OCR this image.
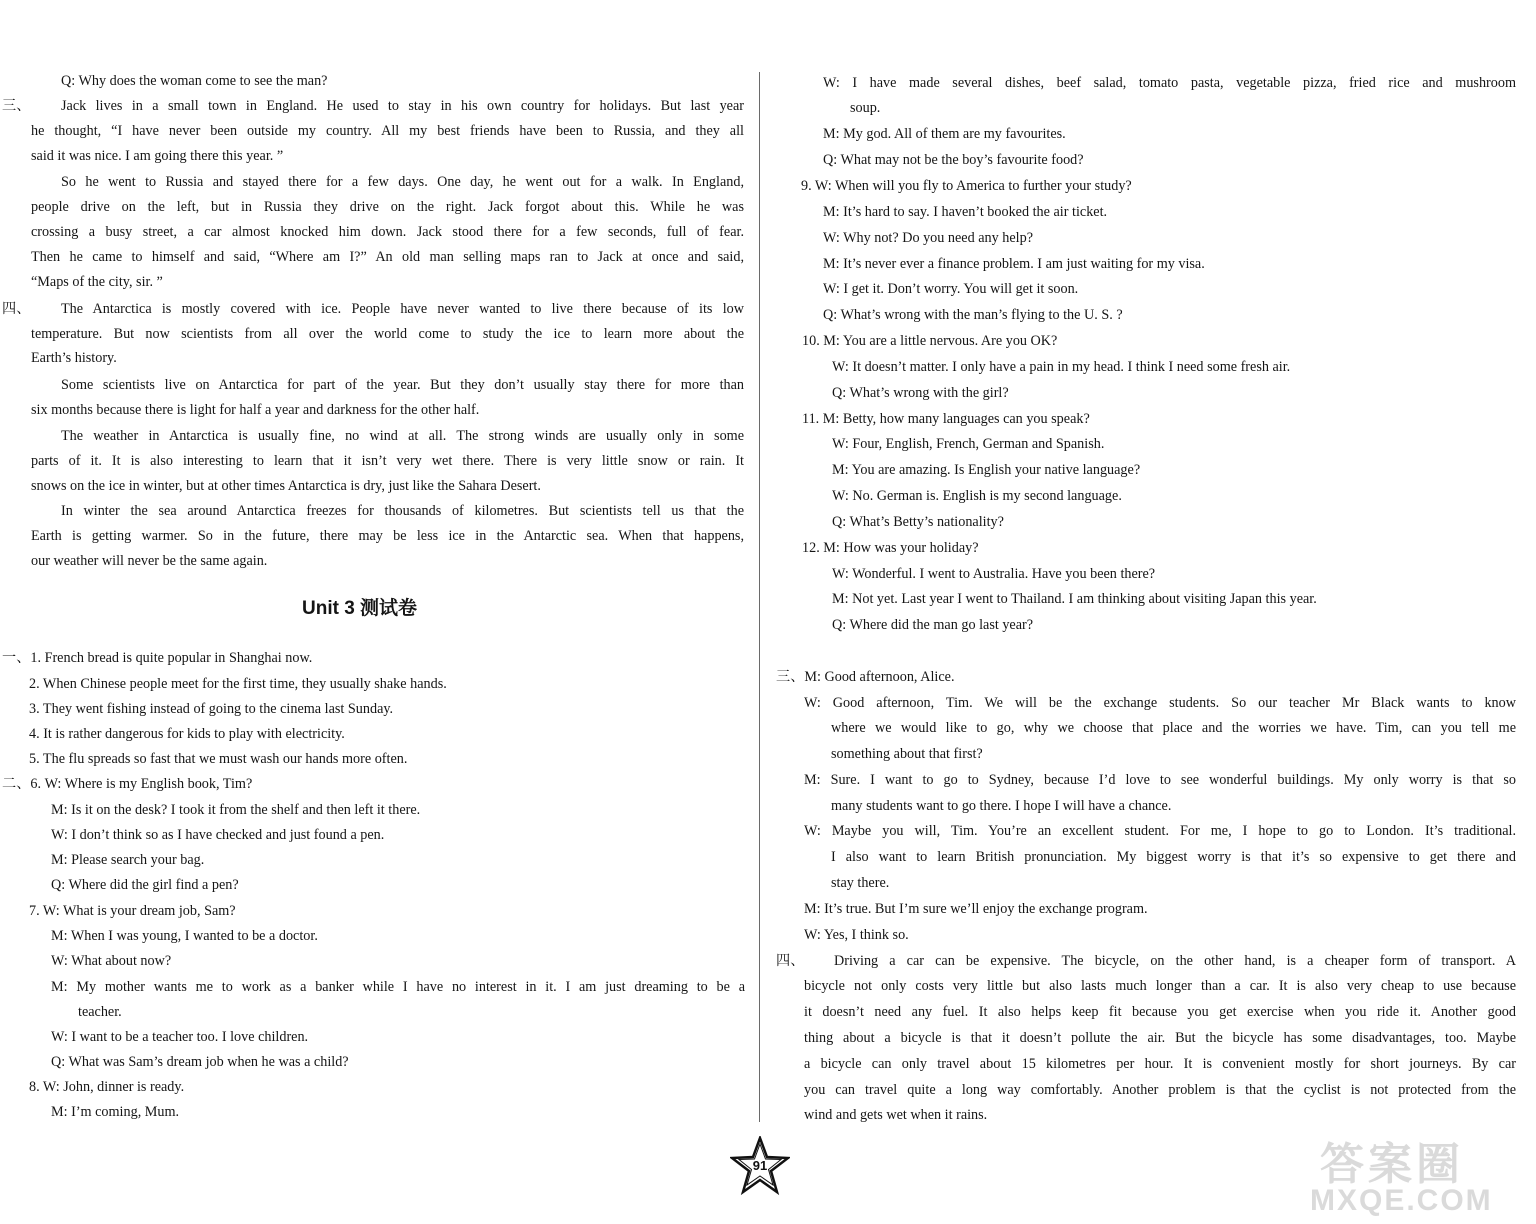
Q: Why does the woman come to see the man?
三、 Jack lives in a small town in England. He used to stay in his own country for holidays. But last year
he thought, “I have never been outside my country. All my best friends have been to Russia, and they all
said it was nice. I am going there this year. ”
So he went to Russia and stayed there for a few days. One day, he went out for a walk. In England,
people drive on the left, but in Russia they drive on the right. Jack forgot about this. While he was
crossing a busy street, a car almost knocked him down. Jack stood there for a few seconds, full of fear.
Then he came to himself and said, “Where am I?” An old man selling maps ran to Jack at once and said,
“Maps of the city, sir. ”
四、 The Antarctica is mostly covered with ice. People have never wanted to live there because of its low
temperature. But now scientists from all over the world come to study the ice to learn more about the
Earth’s history.
Some scientists live on Antarctica for part of the year. But they don’t usually stay there for more than
six months because there is light for half a year and darkness for the other half.
The weather in Antarctica is usually fine, no wind at all. The strong winds are usually only in some
parts of it. It is also interesting to learn that it isn’t very wet there. There is very little snow or rain. It
snows on the ice in winter, but at other times Antarctica is dry, just like the Sahara Desert.
In winter the sea around Antarctica freezes for thousands of kilometres. But scientists tell us that the
Earth is getting warmer. So in the future, there may be less ice in the Antarctic sea. When that happens,
our weather will never be the same again.
一、1. French bread is quite popular in Shanghai now.
2. When Chinese people meet for the first time, they usually shake hands.
3. They went fishing instead of going to the cinema last Sunday.
4. It is rather dangerous for kids to play with electricity.
5. The flu spreads so fast that we must wash our hands more often.
二、6. W: Where is my English book, Tim?
M: Is it on the desk? I took it from the shelf and then left it there.
W: I don’t think so as I have checked and just found a pen.
M: Please search your bag.
Q: Where did the girl find a pen?
7. W: What is your dream job, Sam?
M: When I was young, I wanted to be a doctor.
W: What about now?
M: My mother wants me to work as a banker while I have no interest in it. I am just dreaming to be a
teacher.
W: I want to be a teacher too. I love children.
Q: What was Sam’s dream job when he was a child?
8. W: John, dinner is ready.
M: I’m coming, Mum.
Unit 3 测试卷
W: I have made several dishes, beef salad, tomato pasta, vegetable pizza, fried rice and mushroom
soup.
M: My god. All of them are my favourites.
Q: What may not be the boy’s favourite food?
9. W: When will you fly to America to further your study?
M: It’s hard to say. I haven’t booked the air ticket.
W: Why not? Do you need any help?
M: It’s never ever a finance problem. I am just waiting for my visa.
W: I get it. Don’t worry. You will get it soon.
Q: What’s wrong with the man’s flying to the U. S. ?
10. M: You are a little nervous. Are you OK?
W: It doesn’t matter. I only have a pain in my head. I think I need some fresh air.
Q: What’s wrong with the girl?
11. M: Betty, how many languages can you speak?
W: Four, English, French, German and Spanish.
M: You are amazing. Is English your native language?
W: No. German is. English is my second language.
Q: What’s Betty’s nationality?
12. M: How was your holiday?
W: Wonderful. I went to Australia. Have you been there?
M: Not yet. Last year I went to Thailand. I am thinking about visiting Japan this year.
Q: Where did the man go last year?
三、M: Good afternoon, Alice.
W: Good afternoon, Tim. We will be the exchange students. So our teacher Mr Black wants to know
where we would like to go, why we choose that place and the worries we have. Tim, can you tell me
something about that first?
M: Sure. I want to go to Sydney, because I’d love to see wonderful buildings. My only worry is that so
many students want to go there. I hope I will have a chance.
W: Maybe you will, Tim. You’re an excellent student. For me, I hope to go to London. It’s traditional.
I also want to learn British pronunciation. My biggest worry is that it’s so expensive to get there and
stay there.
M: It’s true. But I’m sure we’ll enjoy the exchange program.
W: Yes, I think so.
四、 Driving a car can be expensive. The bicycle, on the other hand, is a cheaper form of transport. A
bicycle not only costs very little but also lasts much longer than a car. It is also very cheap to use because
it doesn’t need any fuel. It also helps keep fit because you get exercise when you ride it. Another good
thing about a bicycle is that it doesn’t pollute the air. But the bicycle has some disadvantages, too. Maybe
a bicycle can only travel about 15 kilometres per hour. It is convenient mostly for short journeys. By car
you can travel quite a long way comfortably. Another problem is that the cyclist is not protected from the
wind and gets wet when it rains.
91	答案圈
MXQE.COM
